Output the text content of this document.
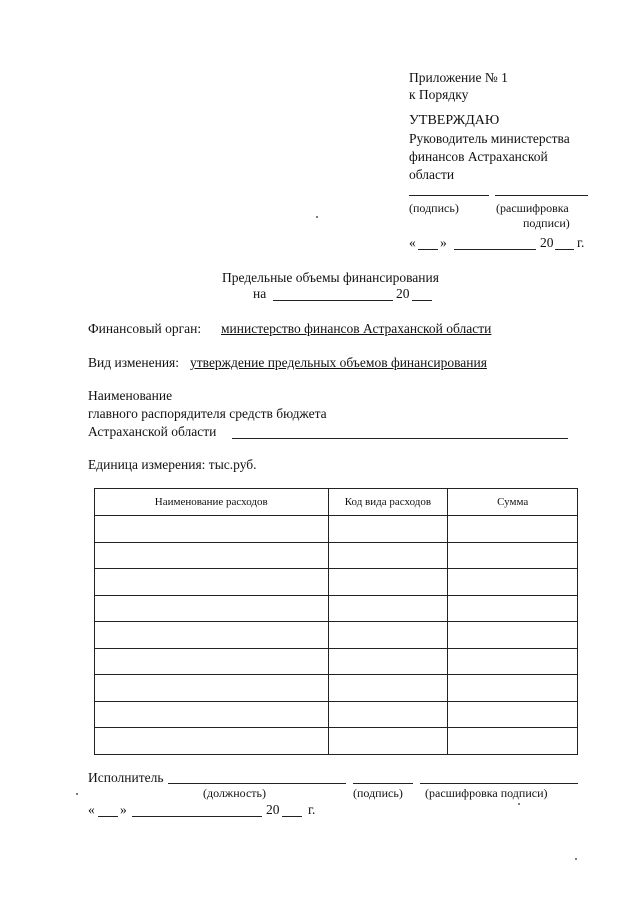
Приложение № 1
к Порядку
УТВЕРЖДАЮ
Руководитель министерства
финансов Астраханской
области
(подпись)	(расшифровка
подписи)
« »	20 г.
Предельные объемы финансирования
на	20
Финансовый орган: министерство финансов Астраханской области
Вид изменения: утверждение предельных объемов финансирования
Наименование
главного распорядителя средств бюджета
Астраханской области
Единица измерения: тыс.руб.
Наименование расходов	Код вида расходов	Сумма

Исполнитель
(должность)	(подпись) (расшифровка подписи)
« »	20 г.
